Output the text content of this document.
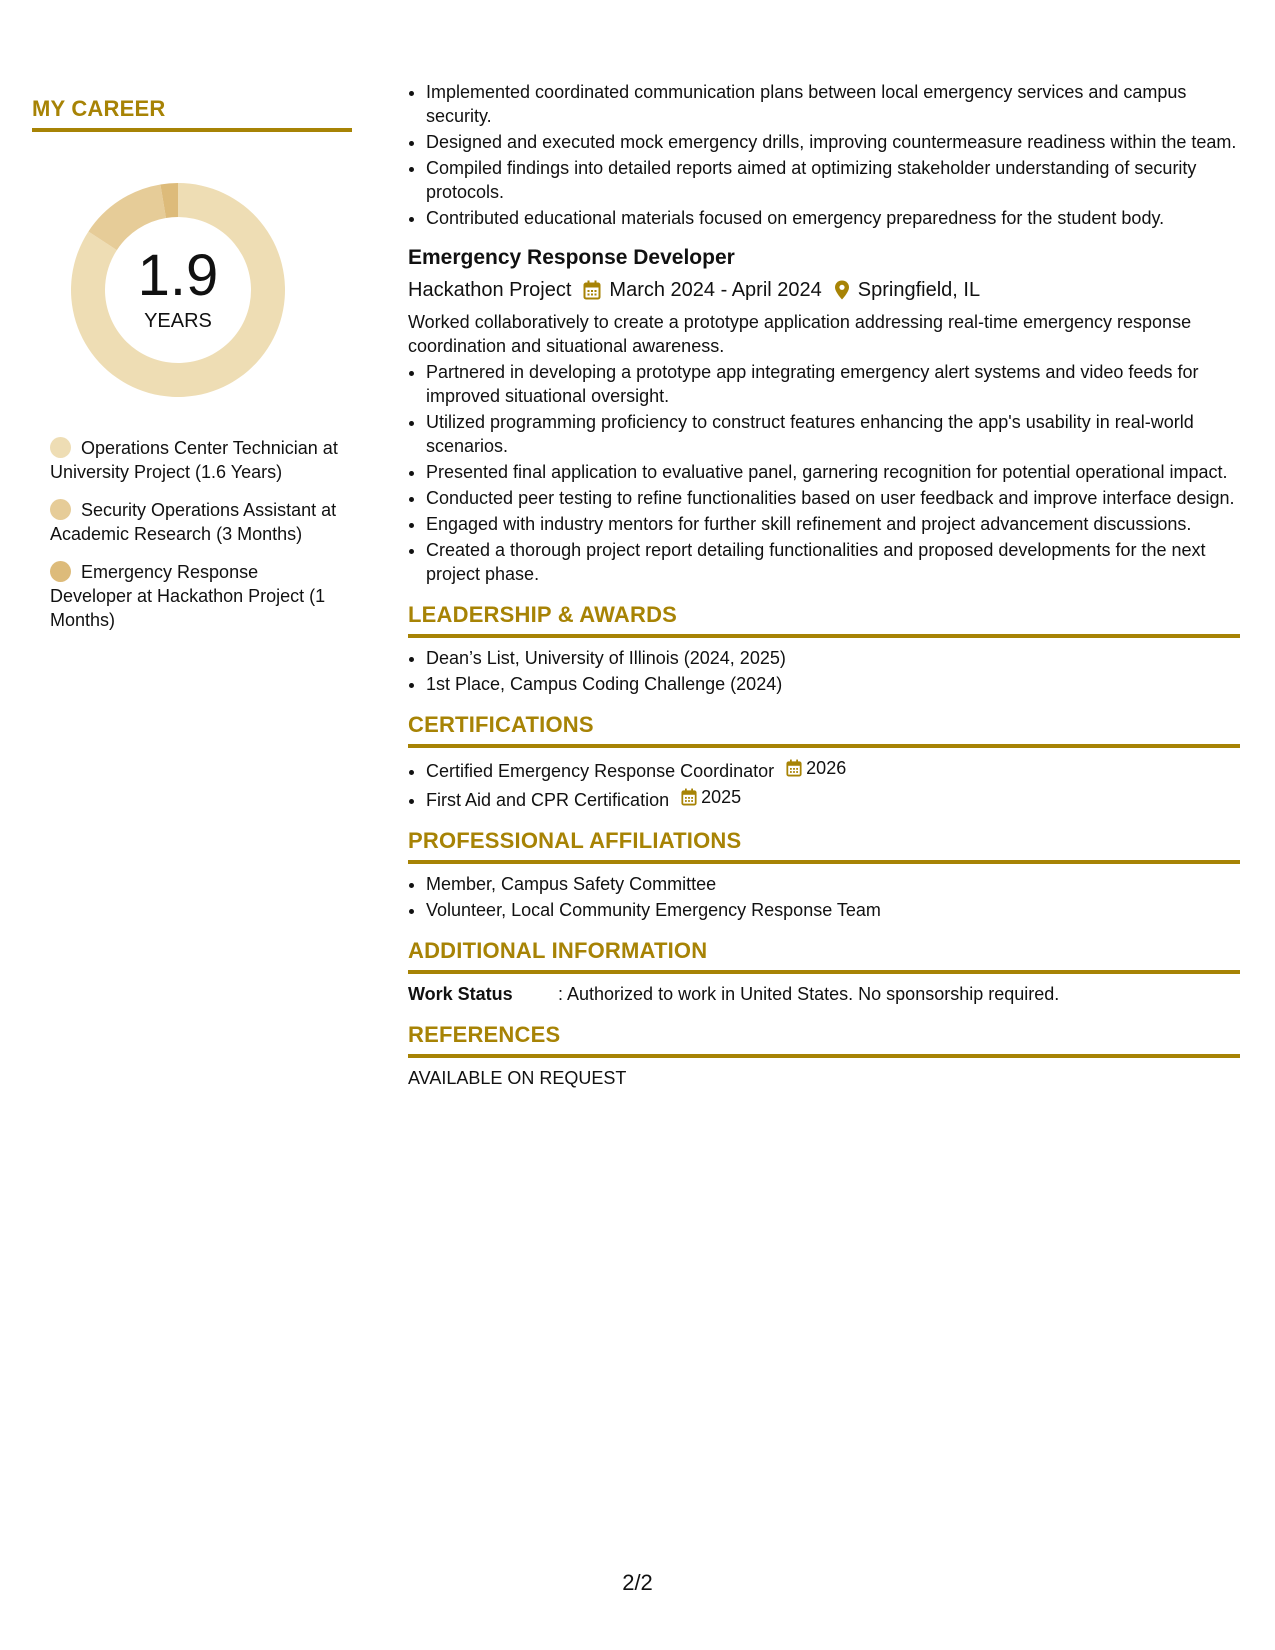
MY CAREER
1.9
YEARS
Operations Center Technician at University Project (1.6 Years)
Security Operations Assistant at Academic Research (3 Months)
Emergency Response Developer at Hackathon Project (1 Months)
• Implemented coordinated communication plans between local emergency services and campus security.
• Designed and executed mock emergency drills, improving countermeasure readiness within the team.
• Compiled findings into detailed reports aimed at optimizing stakeholder understanding of security protocols.
• Contributed educational materials focused on emergency preparedness for the student body.
Emergency Response Developer
Hackathon Project March 2024 - April 2024 Springfield, IL
Worked collaboratively to create a prototype application addressing real-time emergency response coordination and situational awareness.
• Partnered in developing a prototype app integrating emergency alert systems and video feeds for improved situational oversight.
• Utilized programming proficiency to construct features enhancing the app's usability in real-world scenarios.
• Presented final application to evaluative panel, garnering recognition for potential operational impact.
• Conducted peer testing to refine functionalities based on user feedback and improve interface design.
• Engaged with industry mentors for further skill refinement and project advancement discussions.
• Created a thorough project report detailing functionalities and proposed developments for the next project phase.
LEADERSHIP & AWARDS
• Dean’s List, University of Illinois (2024, 2025)
• 1st Place, Campus Coding Challenge (2024)
CERTIFICATIONS
• Certified Emergency Response Coordinator 2026
• First Aid and CPR Certification 2025
PROFESSIONAL AFFILIATIONS
• Member, Campus Safety Committee
• Volunteer, Local Community Emergency Response Team
ADDITIONAL INFORMATION
Work Status	: Authorized to work in United States. No sponsorship required.
REFERENCES
AVAILABLE ON REQUEST
2/2
